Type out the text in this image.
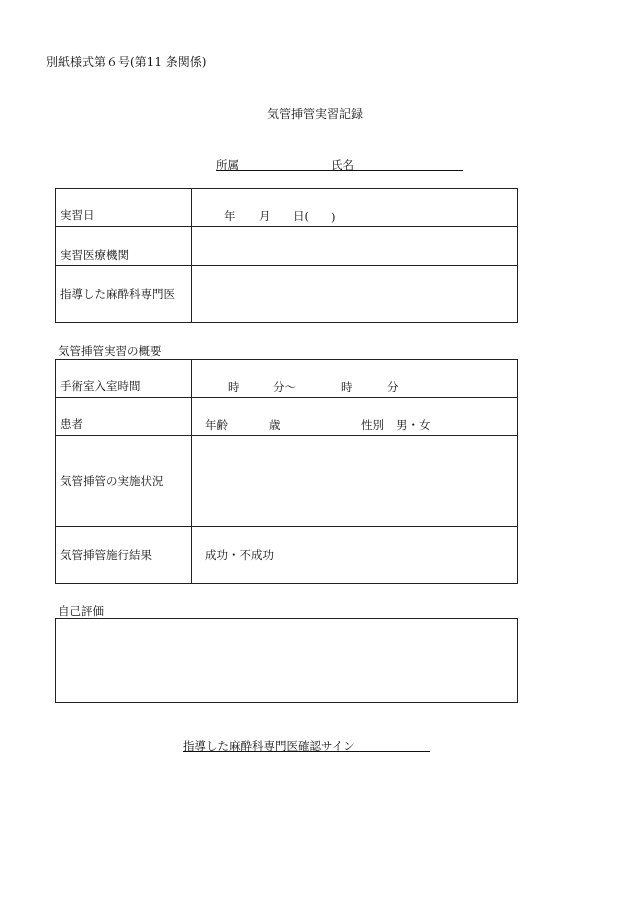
別紙様式第６号(第11 条関係)
気管挿管実習記録
所属	氏名
実習日	年 月 日( )

実習医療機関	

指導した麻酔科専門医	

気管挿管実習の概要
手術室入室時間	時 分〜 時 分

患者	年齢 歳 性別 男・女

気管挿管の実施状況	

気管挿管施行結果	成功・不成功
自己評価
指導した麻酔科専門医確認サイン
